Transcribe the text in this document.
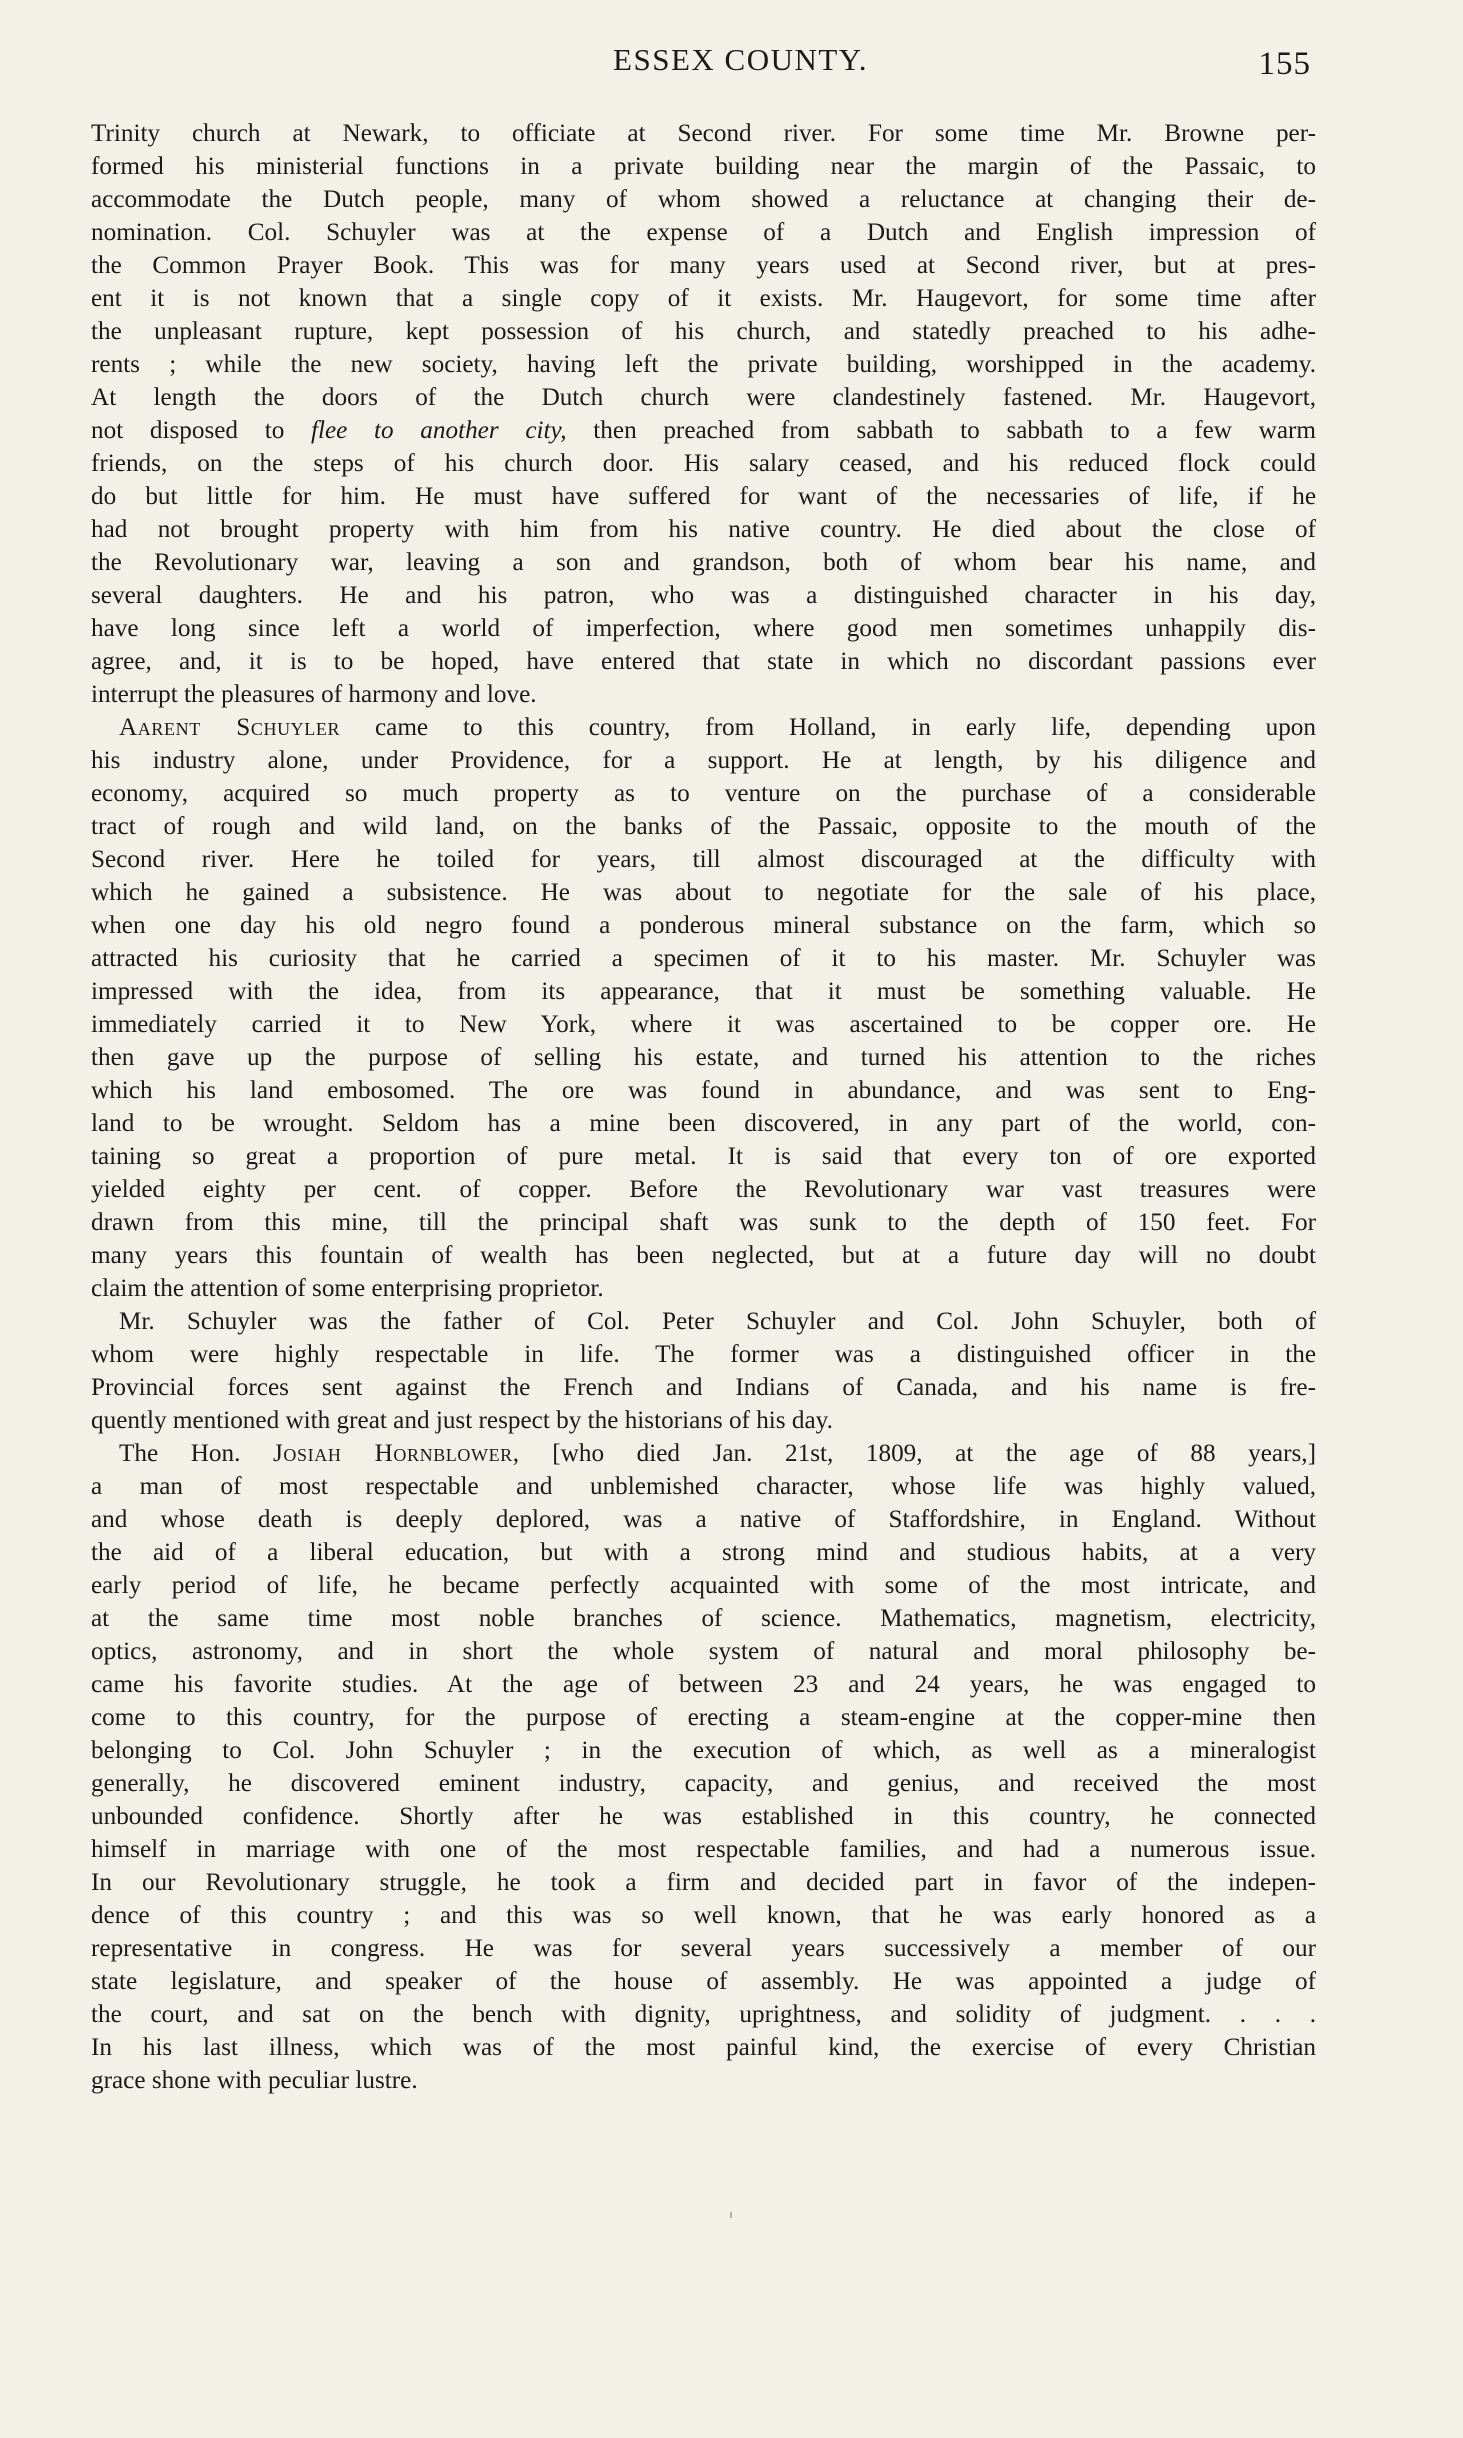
ESSEX COUNTY.	155
Trinity church at Newark, to officiate at Second river. For some time Mr. Browne per-
formed his ministerial functions in a private building near the margin of the Passaic, to
accommodate the Dutch people, many of whom showed a reluctance at changing their de-
nomination. Col. Schuyler was at the expense of a Dutch and English impression of
the Common Prayer Book. This was for many years used at Second river, but at pres-
ent it is not known that a single copy of it exists. Mr. Haugevort, for some time after
the unpleasant rupture, kept possession of his church, and statedly preached to his adhe-
rents ; while the new society, having left the private building, worshipped in the academy.
At length the doors of the Dutch church were clandestinely fastened. Mr. Haugevort,
not disposed to flee to another city, then preached from sabbath to sabbath to a few warm
friends, on the steps of his church door. His salary ceased, and his reduced flock could
do but little for him. He must have suffered for want of the necessaries of life, if he
had not brought property with him from his native country. He died about the close of
the Revolutionary war, leaving a son and grandson, both of whom bear his name, and
several daughters. He and his patron, who was a distinguished character in his day,
have long since left a world of imperfection, where good men sometimes unhappily dis-
agree, and, it is to be hoped, have entered that state in which no discordant passions ever
interrupt the pleasures of harmony and love.
Aarent Schuyler came to this country, from Holland, in early life, depending upon
his industry alone, under Providence, for a support. He at length, by his diligence and
economy, acquired so much property as to venture on the purchase of a considerable
tract of rough and wild land, on the banks of the Passaic, opposite to the mouth of the
Second river. Here he toiled for years, till almost discouraged at the difficulty with
which he gained a subsistence. He was about to negotiate for the sale of his place,
when one day his old negro found a ponderous mineral substance on the farm, which so
attracted his curiosity that he carried a specimen of it to his master. Mr. Schuyler was
impressed with the idea, from its appearance, that it must be something valuable. He
immediately carried it to New York, where it was ascertained to be copper ore. He
then gave up the purpose of selling his estate, and turned his attention to the riches
which his land embosomed. The ore was found in abundance, and was sent to Eng-
land to be wrought. Seldom has a mine been discovered, in any part of the world, con-
taining so great a proportion of pure metal. It is said that every ton of ore exported
yielded eighty per cent. of copper. Before the Revolutionary war vast treasures were
drawn from this mine, till the principal shaft was sunk to the depth of 150 feet. For
many years this fountain of wealth has been neglected, but at a future day will no doubt
claim the attention of some enterprising proprietor.
Mr. Schuyler was the father of Col. Peter Schuyler and Col. John Schuyler, both of
whom were highly respectable in life. The former was a distinguished officer in the
Provincial forces sent against the French and Indians of Canada, and his name is fre-
quently mentioned with great and just respect by the historians of his day.
The Hon. Josiah Hornblower, [who died Jan. 21st, 1809, at the age of 88 years,]
a man of most respectable and unblemished character, whose life was highly valued,
and whose death is deeply deplored, was a native of Staffordshire, in England. Without
the aid of a liberal education, but with a strong mind and studious habits, at a very
early period of life, he became perfectly acquainted with some of the most intricate, and
at the same time most noble branches of science. Mathematics, magnetism, electricity,
optics, astronomy, and in short the whole system of natural and moral philosophy be-
came his favorite studies. At the age of between 23 and 24 years, he was engaged to
come to this country, for the purpose of erecting a steam-engine at the copper-mine then
belonging to Col. John Schuyler ; in the execution of which, as well as a mineralogist
generally, he discovered eminent industry, capacity, and genius, and received the most
unbounded confidence. Shortly after he was established in this country, he connected
himself in marriage with one of the most respectable families, and had a numerous issue.
In our Revolutionary struggle, he took a firm and decided part in favor of the indepen-
dence of this country ; and this was so well known, that he was early honored as a
representative in congress. He was for several years successively a member of our
state legislature, and speaker of the house of assembly. He was appointed a judge of
the court, and sat on the bench with dignity, uprightness, and solidity of judgment. . . .
In his last illness, which was of the most painful kind, the exercise of every Christian
grace shone with peculiar lustre.
